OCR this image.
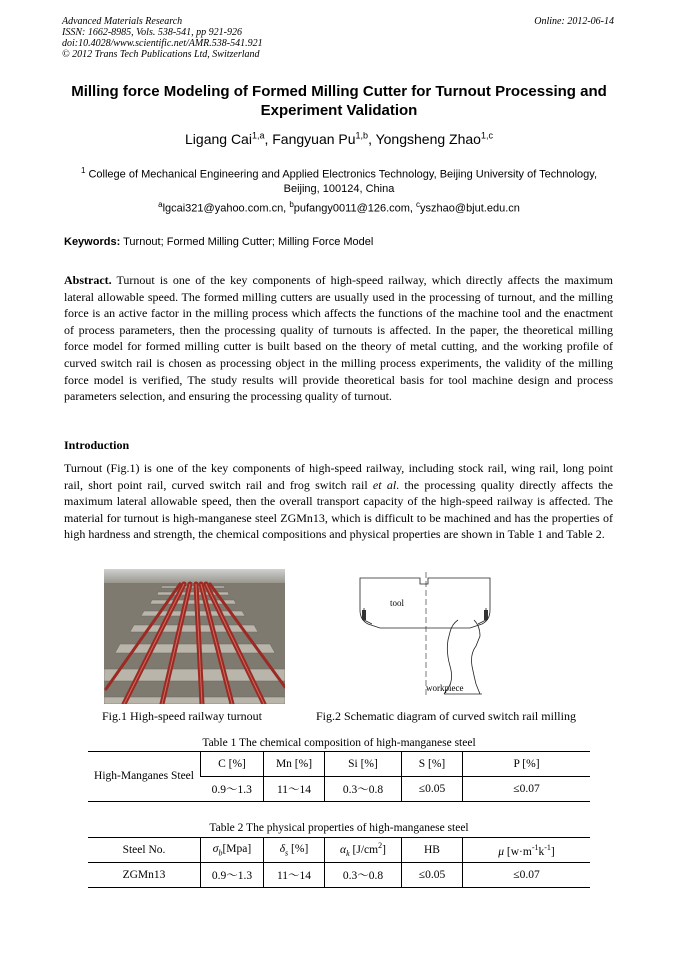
Advanced Materials Research
ISSN: 1662-8985, Vols. 538-541, pp 921-926
doi:10.4028/www.scientific.net/AMR.538-541.921
© 2012 Trans Tech Publications Ltd, Switzerland
Online: 2012-06-14
Milling force Modeling of Formed Milling Cutter for Turnout Processing and Experiment Validation
Ligang Cai$^{1,a}$, Fangyuan Pu$^{1,b}$, Yongsheng Zhao$^{1,c}$
$^1$ College of Mechanical Engineering and Applied Electronics Technology, Beijing University of Technology, Beijing, 100124, China
$^a$lgcai321@yahoo.com.cn, $^b$pufangy0011@126.com, $^c$yszhao@bjut.edu.cn
Keywords: Turnout; Formed Milling Cutter; Milling Force Model
Abstract. Turnout is one of the key components of high-speed railway, which directly affects the maximum lateral allowable speed. The formed milling cutters are usually used in the processing of turnout, and the milling force is an active factor in the milling process which affects the functions of the machine tool and the enactment of process parameters, then the processing quality of turnouts is affected. In the paper, the theoretical milling force model for formed milling cutter is built based on the theory of metal cutting, and the working profile of curved switch rail is chosen as processing object in the milling process experiments, the validity of the milling force model is verified, The study results will provide theoretical basis for tool machine design and process parameters selection, and ensuring the processing quality of turnout.
Introduction
Turnout (Fig.1) is one of the key components of high-speed railway, including stock rail, wing rail, long point rail, short point rail, curved switch rail and frog switch rail et al. the processing quality directly affects the maximum lateral allowable speed, then the overall transport capacity of the high-speed railway is affected. The material for turnout is high-manganese steel ZGMn13, which is difficult to be machined and has the properties of high hardness and strength, the chemical compositions and physical properties are shown in Table 1 and Table 2.
tool
workpiece
Fig.1 High-speed railway turnout	Fig.2 Schematic diagram of curved switch rail milling
Table 1 The chemical composition of high-manganese steel
High-Manganes Steel	C [%]	Mn [%]	Si [%]	S [%]	P [%]
	0.9～1.3	11～14	0.3～0.8	≤0.05	≤0.07
Table 2 The physical properties of high-manganese steel
Steel No.	$\sigma_b[Mpa]$	$\delta_s$ [%]	$\alpha_k$ $[J/cm^2]$	HB	μ $[w\cdot m^{-1}k^{-1}]$
ZGMn13	0.9～1.3	11～14	0.3～0.8	≤0.05	≤0.07
